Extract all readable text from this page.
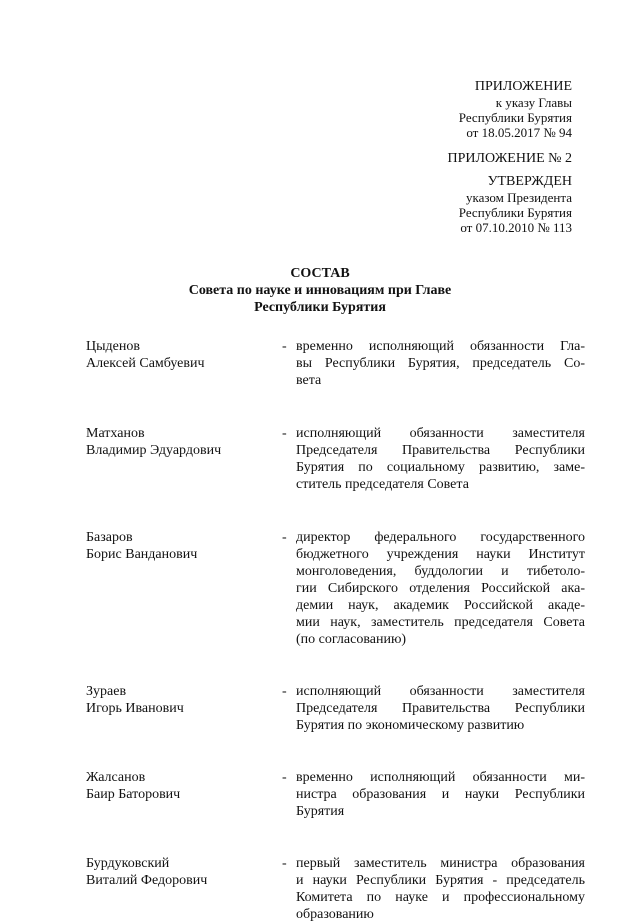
ПРИЛОЖЕНИЕ
к указу Главы
Республики Бурятия
от 18.05.2017 № 94
ПРИЛОЖЕНИЕ № 2
УТВЕРЖДЕН
указом Президента
Республики Бурятия
от 07.10.2010 № 113
СОСТАВ
Совета по науке и инновациям при Главе
Республики Бурятия
Цыденов
Алексей Самбуевич
- временно исполняющий обязанности Гла-
вы Республики Бурятия, председатель Со-
вета
Матханов
Владимир Эдуардович
- исполняющий обязанности заместителя
Председателя Правительства Республики
Бурятия по социальному развитию, заме-
ститель председателя Совета
Базаров
Борис Ванданович
- директор федерального государственного
бюджетного учреждения науки Институт
монголоведения, буддологии и тибетоло-
гии Сибирского отделения Российской ака-
демии наук, академик Российской акаде-
мии наук, заместитель председателя Совета
(по согласованию)
Зураев
Игорь Иванович
- исполняющий обязанности заместителя
Председателя Правительства Республики
Бурятия по экономическому развитию
Жалсанов
Баир Баторович
- временно исполняющий обязанности ми-
нистра образования и науки Республики
Бурятия
Бурдуковский
Виталий Федорович
- первый заместитель министра образования
и науки Республики Бурятия - председатель
Комитета по науке и профессиональному
образованию
